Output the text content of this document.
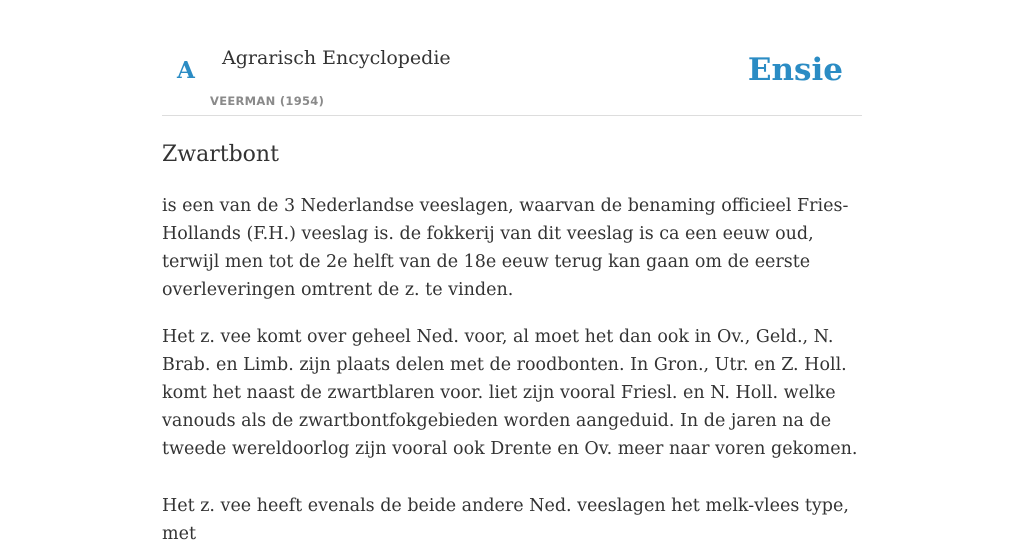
A Agrarisch Encyclopedie
VEERMAN (1954)
Ensie
Zwartbont

is een van de 3 Nederlandse veeslagen, waarvan de benaming officieel Fries-Hollands (F.H.) veeslag is. de fokkerij van dit veeslag is ca een eeuw oud, terwijl men tot de 2e helft van de 18e eeuw terug kan gaan om de eerste overleveringen omtrent de z. te vinden.

Het z. vee komt over geheel Ned. voor, al moet het dan ook in Ov., Geld., N. Brab. en Limb. zijn plaats delen met de roodbonten. In Gron., Utr. en Z. Holl. komt het naast de zwartblaren voor. liet zijn vooral Friesl. en N. Holl. welke vanouds als de zwartbontfokgebieden worden aangeduid. In de jaren na de tweede wereldoorlog zijn vooral ook Drente en Ov. meer naar voren gekomen.

Het z. vee heeft evenals de beide andere Ned. veeslagen het melk-vlees type, met
